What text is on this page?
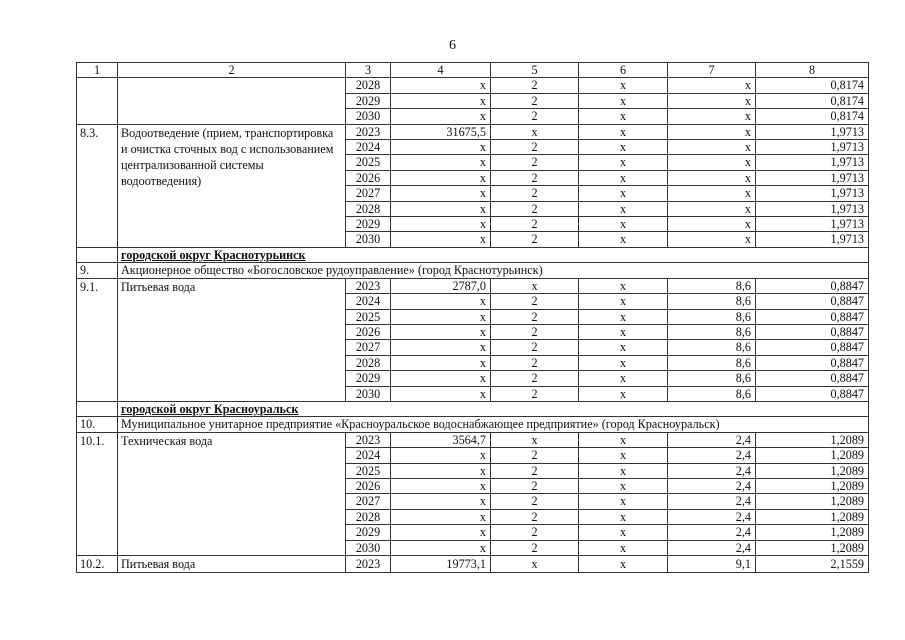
6
1	2	3	4	5	6	7	8
		2028	x	2	x	x	0,8174
		2029	x	2	x	x	0,8174
		2030	x	2	x	x	0,8174
8.3.	Водоотведение (прием, транспортировка и очистка сточных вод с использованием централизованной системы водоотведения)	2023	31675,5	x	x	x	1,9713
		2024	x	2	x	x	1,9713
		2025	x	2	x	x	1,9713
		2026	x	2	x	x	1,9713
		2027	x	2	x	x	1,9713
		2028	x	2	x	x	1,9713
		2029	x	2	x	x	1,9713
		2030	x	2	x	x	1,9713
	городской округ Краснотурьинск						
9.	Акционерное общество «Богословское рудоуправление» (город Краснотурьинск)						
9.1.	Питьевая вода	2023	2787,0	x	x	8,6	0,8847
		2024	x	2	x	8,6	0,8847
		2025	x	2	x	8,6	0,8847
		2026	x	2	x	8,6	0,8847
		2027	x	2	x	8,6	0,8847
		2028	x	2	x	8,6	0,8847
		2029	x	2	x	8,6	0,8847
		2030	x	2	x	8,6	0,8847
	городской округ Красноуральск						
10.	Муниципальное унитарное предприятие «Красноуральское водоснабжающее предприятие» (город Красноуральск)						
10.1.	Техническая вода	2023	3564,7	x	x	2,4	1,2089
		2024	x	2	x	2,4	1,2089
		2025	x	2	x	2,4	1,2089
		2026	x	2	x	2,4	1,2089
		2027	x	2	x	2,4	1,2089
		2028	x	2	x	2,4	1,2089
		2029	x	2	x	2,4	1,2089
		2030	x	2	x	2,4	1,2089
10.2.	Питьевая вода	2023	19773,1	x	x	9,1	2,1559
